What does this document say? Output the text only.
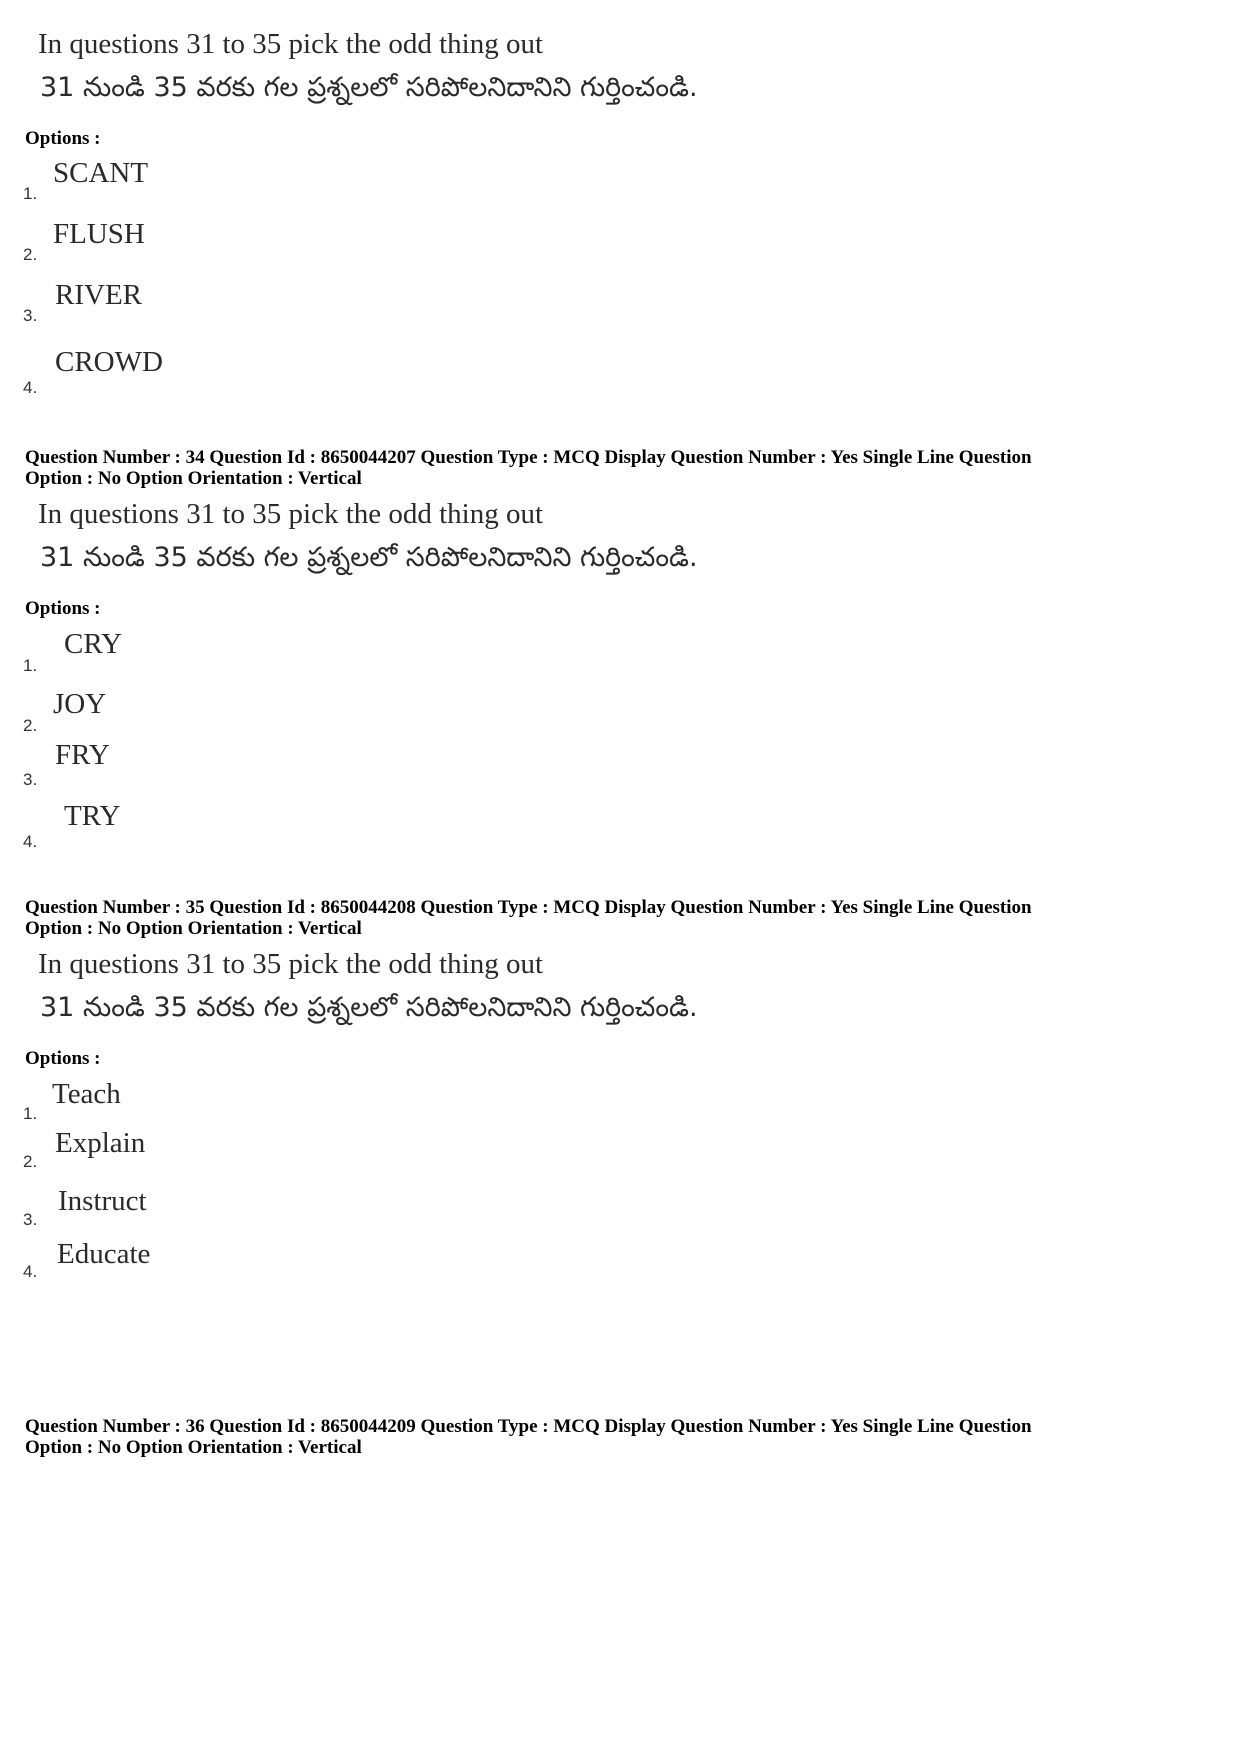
In questions 31 to 35 pick the odd thing out
31 నుండి 35 వరకు గల ప్రశ్నలలో సరిపోలనిదానిని గుర్తించండి.
Options :
1.
SCANT
2.
FLUSH
3.
RIVER
4.
CROWD
Question Number : 34 Question Id : 8650044207 Question Type : MCQ Display Question Number : Yes Single Line Question
Option : No Option Orientation : Vertical
In questions 31 to 35 pick the odd thing out
31 నుండి 35 వరకు గల ప్రశ్నలలో సరిపోలనిదానిని గుర్తించండి.
Options :
1.
CRY
2.
JOY
3.
FRY
4.
TRY
Question Number : 35 Question Id : 8650044208 Question Type : MCQ Display Question Number : Yes Single Line Question
Option : No Option Orientation : Vertical
In questions 31 to 35 pick the odd thing out
31 నుండి 35 వరకు గల ప్రశ్నలలో సరిపోలనిదానిని గుర్తించండి.
Options :
1.
Teach
2.
Explain
3.
Instruct
4.
Educate
Question Number : 36 Question Id : 8650044209 Question Type : MCQ Display Question Number : Yes Single Line Question
Option : No Option Orientation : Vertical
